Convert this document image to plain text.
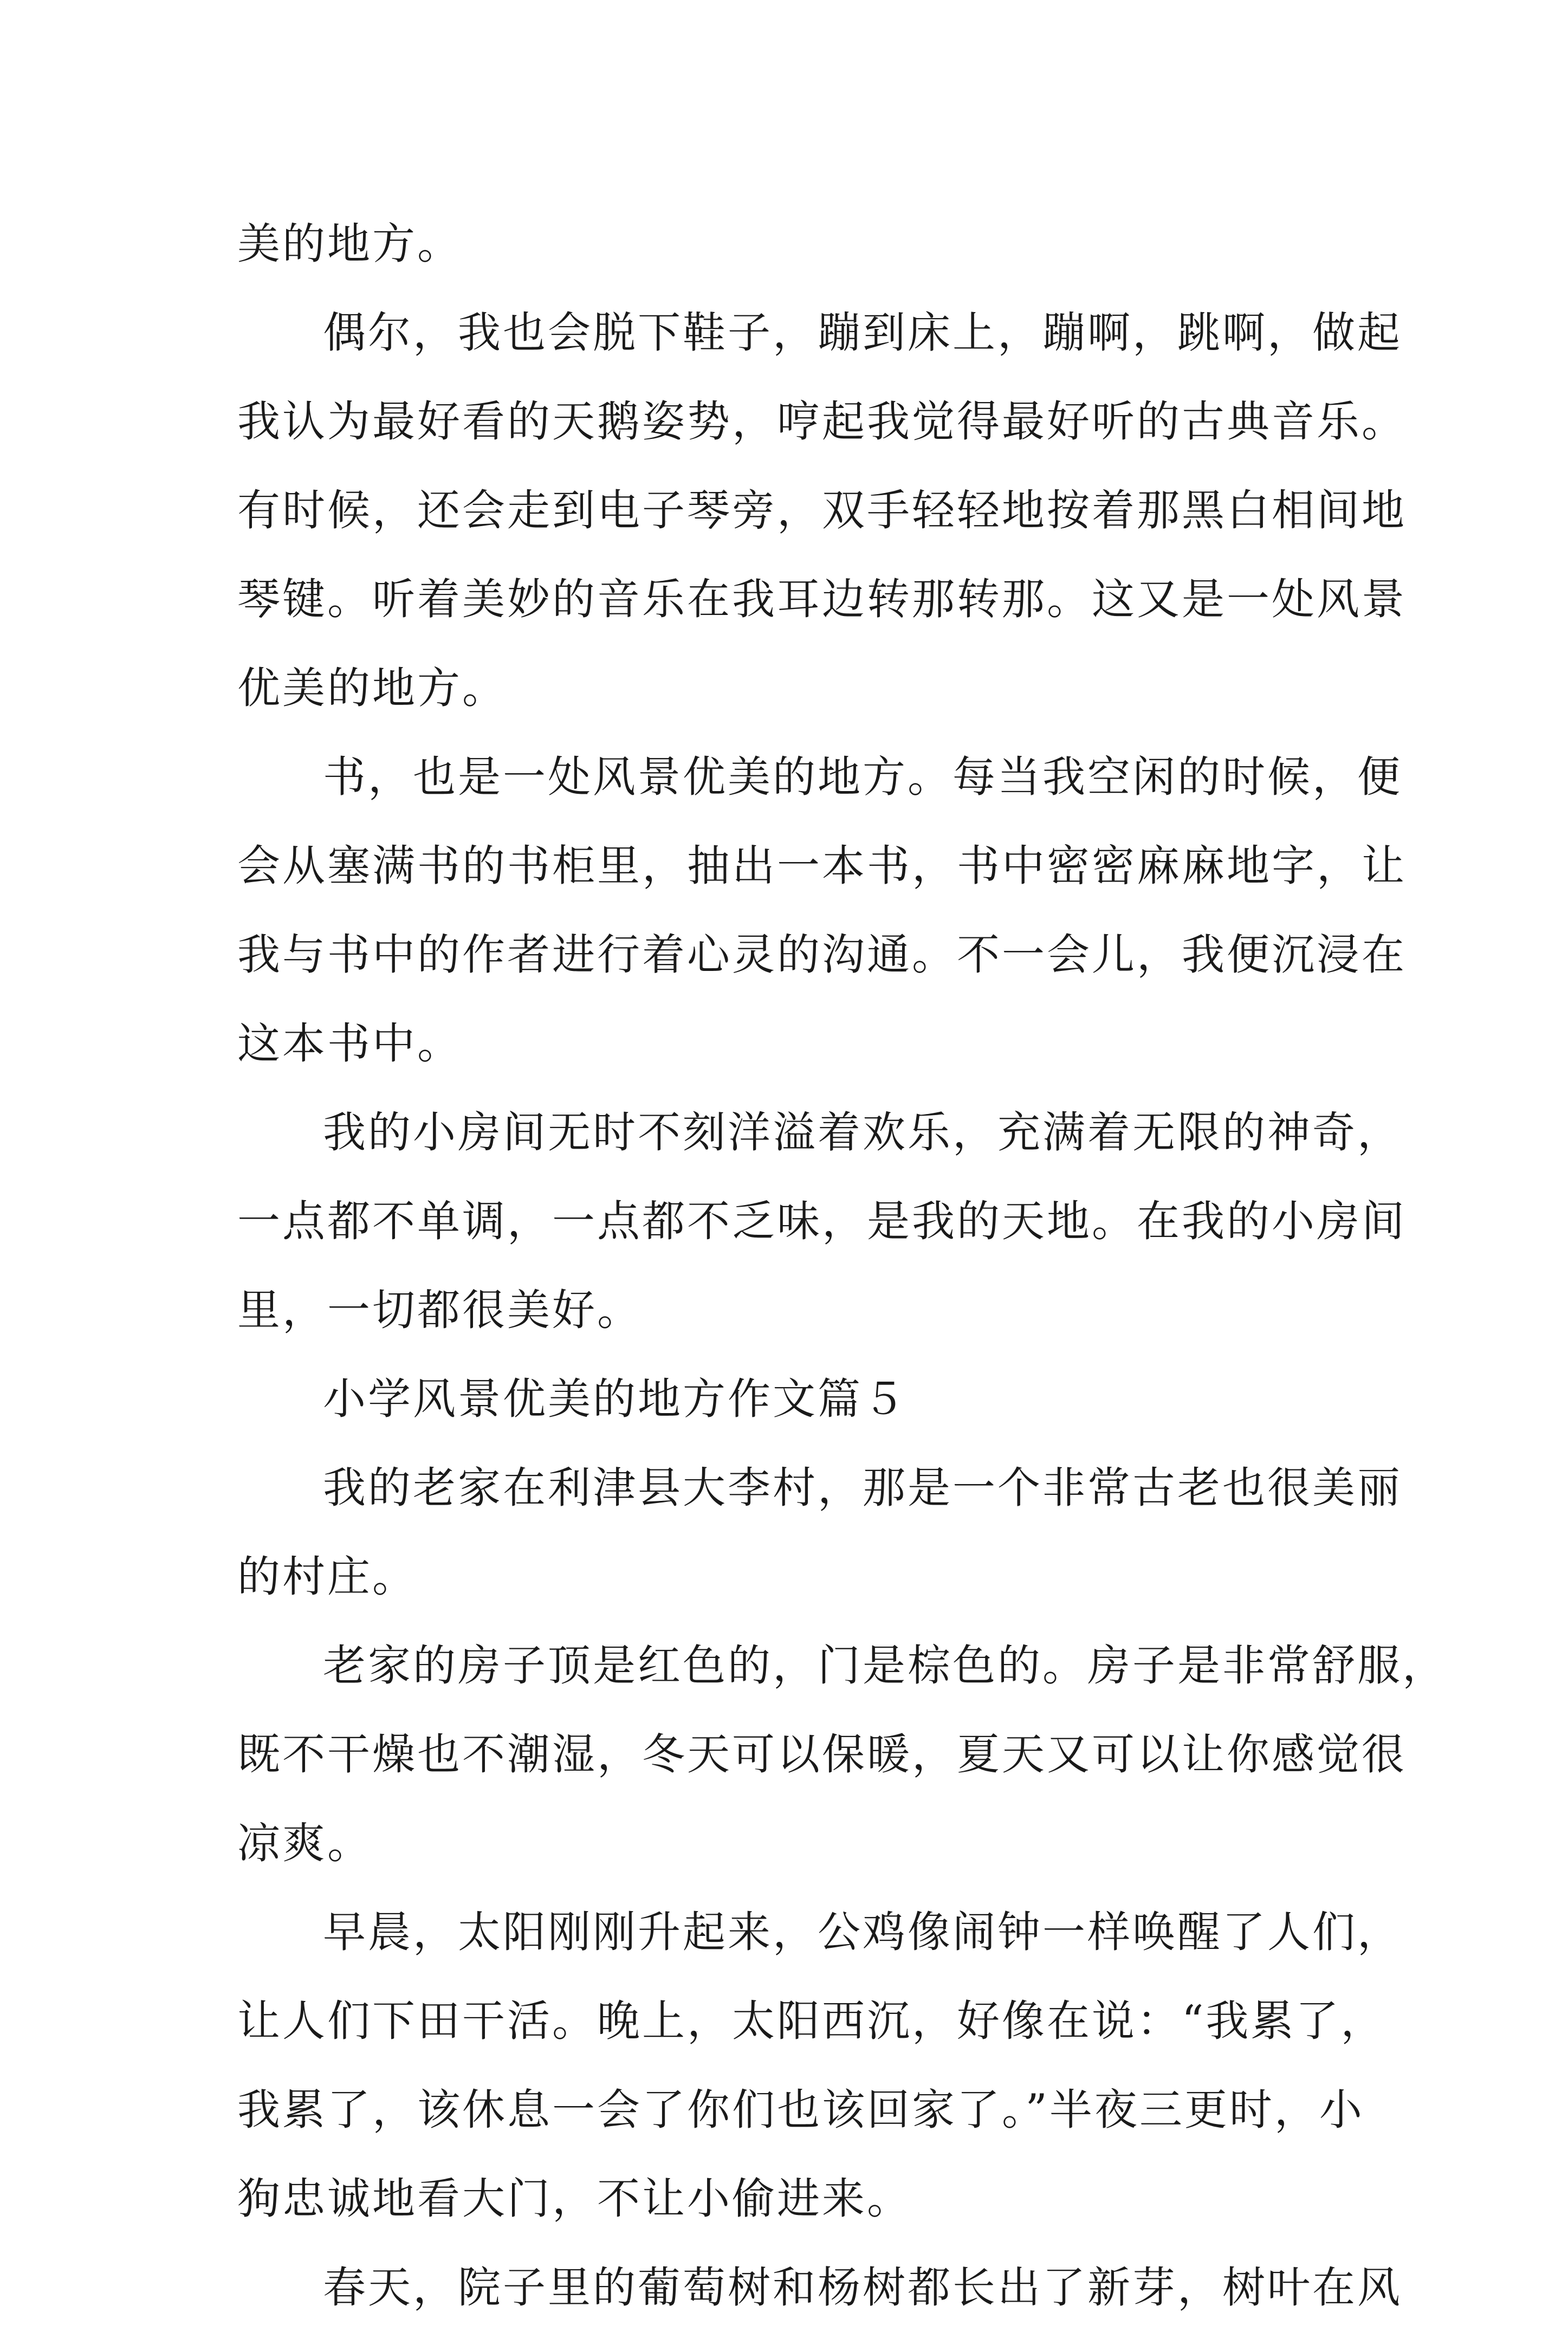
美的地方。
偶尔，我也会脱下鞋子，蹦到床上，蹦啊，跳啊，做起
我认为最好看的天鹅姿势，哼起我觉得最好听的古典音乐。
有时候，还会走到电子琴旁，双手轻轻地按着那黑白相间地
琴键。听着美妙的音乐在我耳边转那转那。这又是一处风景
优美的地方。
书，也是一处风景优美的地方。每当我空闲的时候，便
会从塞满书的书柜里，抽出一本书，书中密密麻麻地字，让
我与书中的作者进行着心灵的沟通。不一会儿，我便沉浸在
这本书中。
我的小房间无时不刻洋溢着欢乐，充满着无限的神奇，
一点都不单调，一点都不乏味，是我的天地。在我的小房间
里，一切都很美好。
小学风景优美的地方作文篇５
我的老家在利津县大李村，那是一个非常古老也很美丽
的村庄。
老家的房子顶是红色的，门是棕色的。房子是非常舒服，
既不干燥也不潮湿，冬天可以保暖，夏天又可以让你感觉很
凉爽。
早晨，太阳刚刚升起来，公鸡像闹钟一样唤醒了人们，
让人们下田干活。晚上，太阳西沉，好像在说：“我累了，
我累了，该休息一会了你们也该回家了。”半夜三更时，小
狗忠诚地看大门，不让小偷进来。
春天，院子里的葡萄树和杨树都长出了新芽，树叶在风
